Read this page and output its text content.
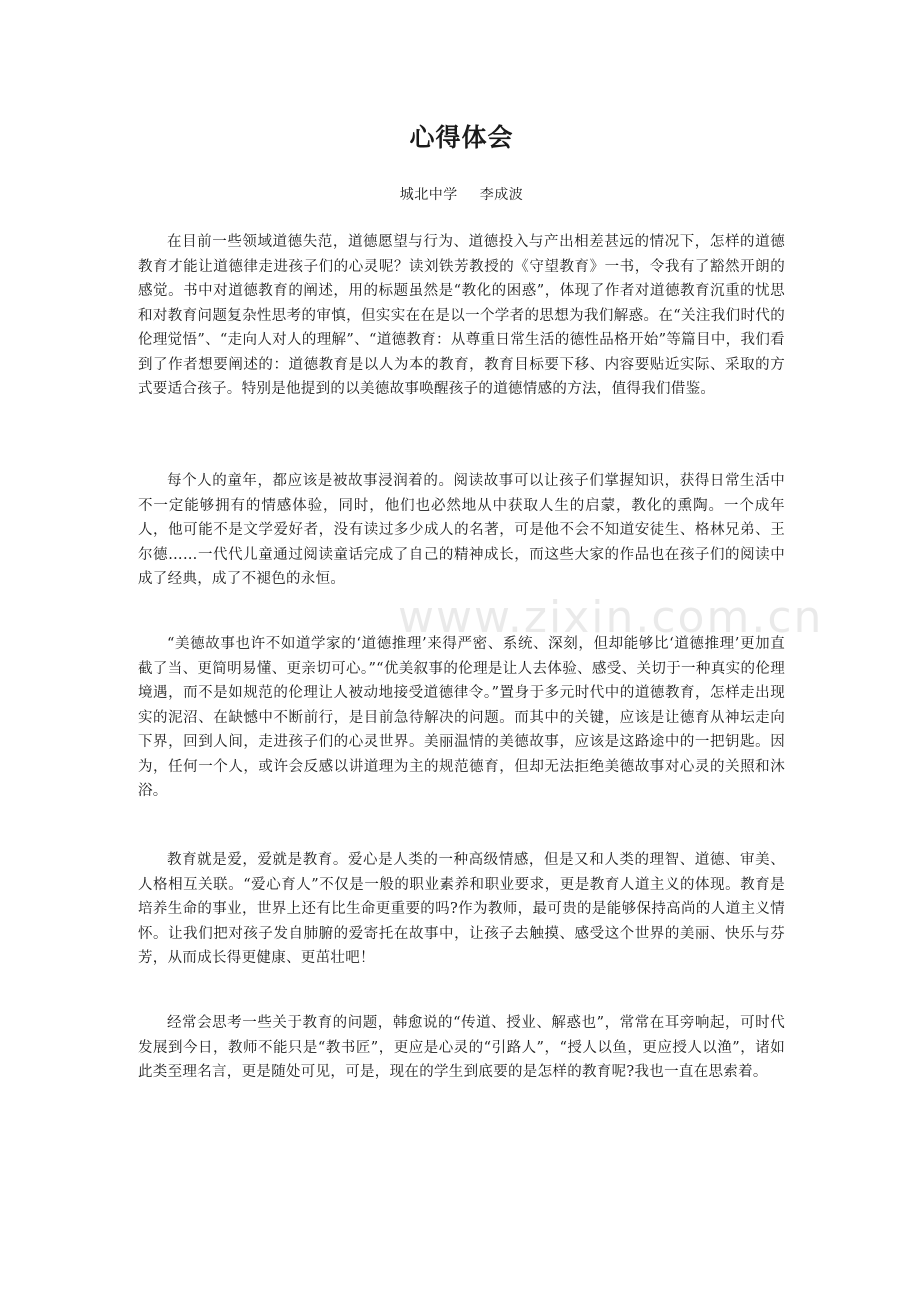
心得体会
城北中学 李成波

在目前一些领域道德失范，道德愿望与行为、道德投入与产出相差甚远的情况下，怎样的道德教育才能让道德律走进孩子们的心灵呢？读刘铁芳教授的《守望教育》一书，令我有了豁然开朗的感觉。书中对道德教育的阐述，用的标题虽然是“教化的困惑”，体现了作者对道德教育沉重的忧思和对教育问题复杂性思考的审慎，但实实在在是以一个学者的思想为我们解惑。在“关注我们时代的伦理觉悟”、“走向人对人的理解”、“道德教育：从尊重日常生活的德性品格开始”等篇目中，我们看到了作者想要阐述的：道德教育是以人为本的教育，教育目标要下移、内容要贴近实际、采取的方式要适合孩子。特别是他提到的以美德故事唤醒孩子的道德情感的方法，值得我们借鉴。

每个人的童年，都应该是被故事浸润着的。阅读故事可以让孩子们掌握知识，获得日常生活中不一定能够拥有的情感体验，同时，他们也必然地从中获取人生的启蒙，教化的熏陶。一个成年人，他可能不是文学爱好者，没有读过多少成人的名著，可是他不会不知道安徒生、格林兄弟、王尔德……一代代儿童通过阅读童话完成了自己的精神成长，而这些大家的作品也在孩子们的阅读中成了经典，成了不褪色的永恒。

“美德故事也许不如道学家的‘道德推理’来得严密、系统、深刻，但却能够比‘道德推理’更加直截了当、更简明易懂、更亲切可心。”“优美叙事的伦理是让人去体验、感受、关切于一种真实的伦理境遇，而不是如规范的伦理让人被动地接受道德律令。”置身于多元时代中的道德教育，怎样走出现实的泥沼、在缺憾中不断前行，是目前急待解决的问题。而其中的关键，应该是让德育从神坛走向下界，回到人间，走进孩子们的心灵世界。美丽温情的美德故事，应该是这路途中的一把钥匙。因为，任何一个人，或许会反感以讲道理为主的规范德育，但却无法拒绝美德故事对心灵的关照和沐浴。

教育就是爱，爱就是教育。爱心是人类的一种高级情感，但是又和人类的理智、道德、审美、人格相互关联。“爱心育人”不仅是一般的职业素养和职业要求，更是教育人道主义的体现。教育是培养生命的事业，世界上还有比生命更重要的吗?作为教师，最可贵的是能够保持高尚的人道主义情怀。让我们把对孩子发自肺腑的爱寄托在故事中，让孩子去触摸、感受这个世界的美丽、快乐与芬芳，从而成长得更健康、更茁壮吧！

经常会思考一些关于教育的问题，韩愈说的“传道、授业、解惑也”，常常在耳旁响起，可时代发展到今日，教师不能只是“教书匠”，更应是心灵的“引路人”，“授人以鱼，更应授人以渔”，诸如此类至理名言，更是随处可见，可是，现在的学生到底要的是怎样的教育呢?我也一直在思索着。

www.zixin.com.cn
